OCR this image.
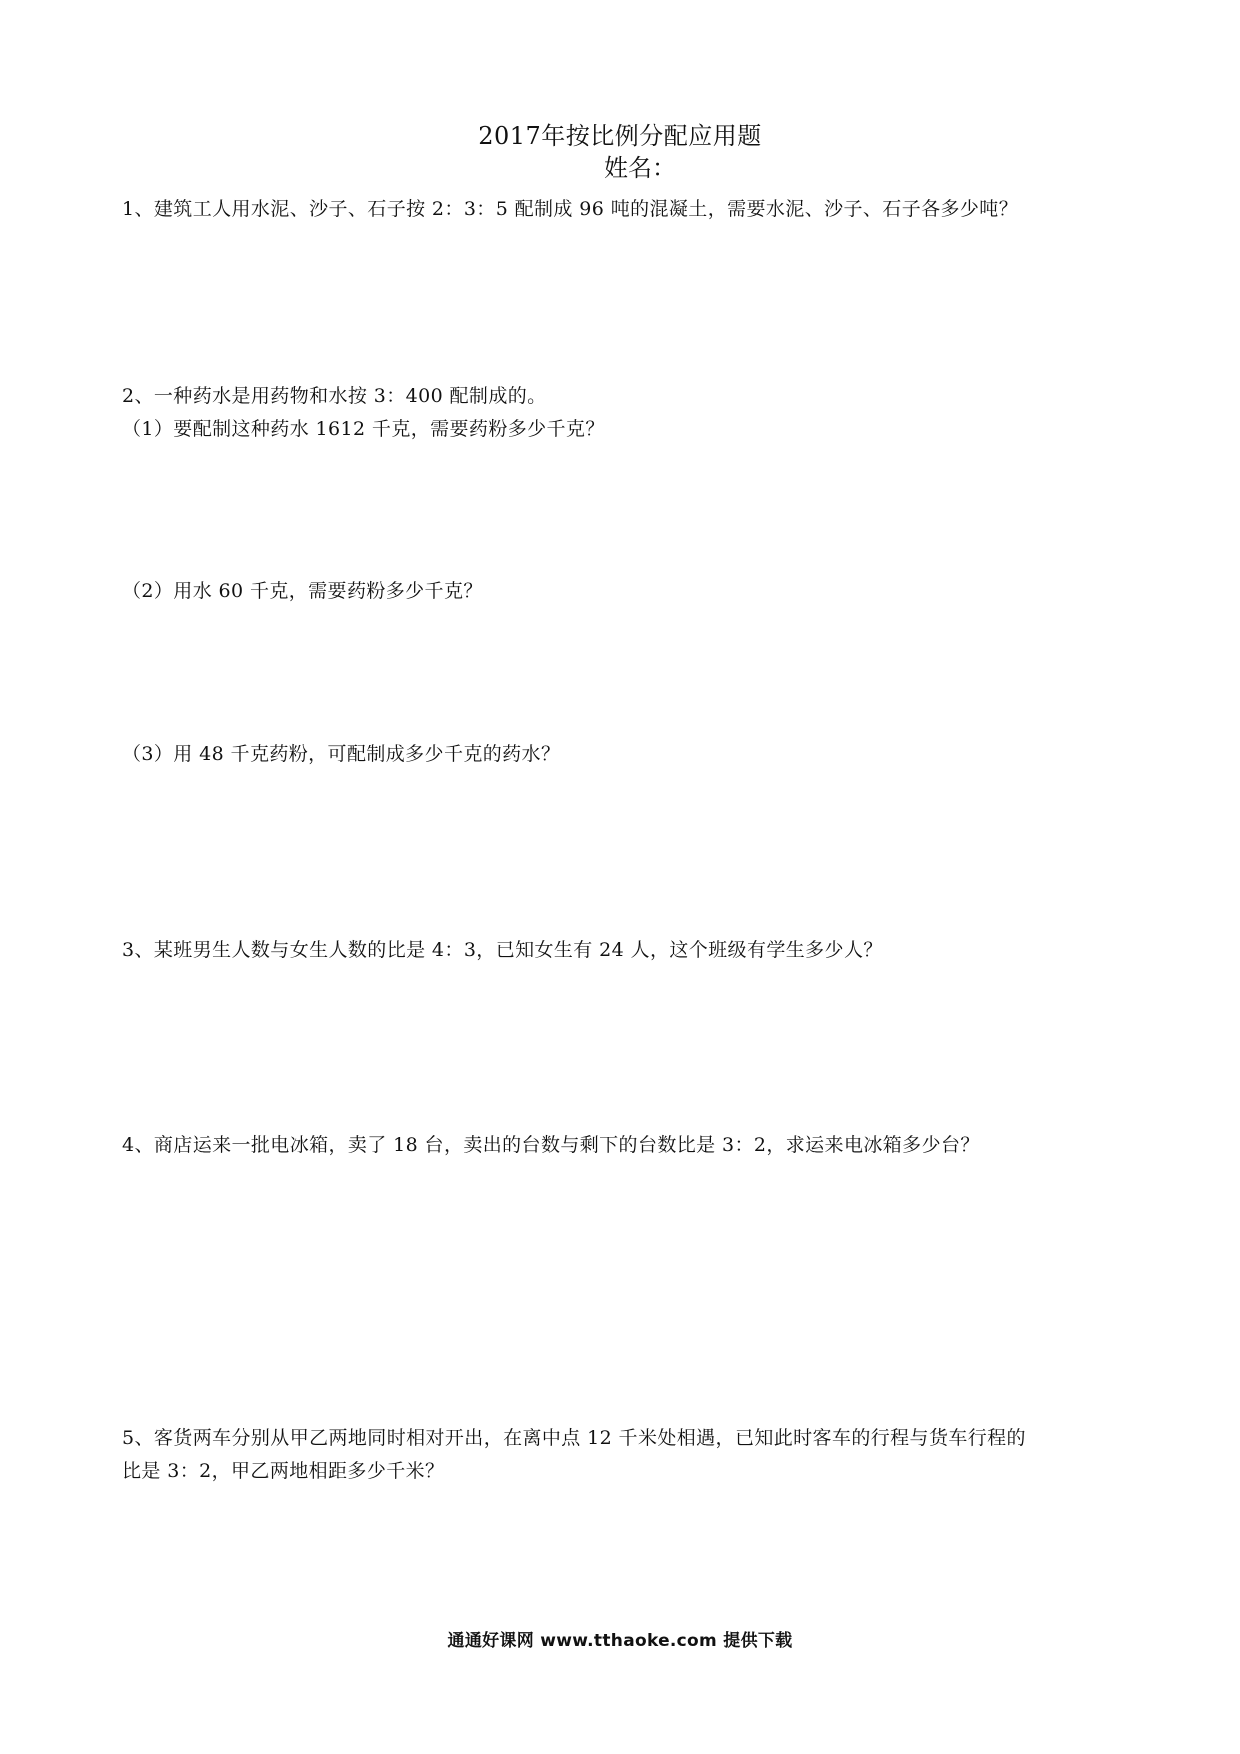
2017年按比例分配应用题
姓名：
1、建筑工人用水泥、沙子、石子按 2：3：5 配制成 96 吨的混凝土，需要水泥、沙子、石子各多少吨？
2、一种药水是用药物和水按 3：400 配制成的。
（1）要配制这种药水 1612 千克，需要药粉多少千克？
（2）用水 60 千克，需要药粉多少千克？
（3）用 48 千克药粉，可配制成多少千克的药水？
3、某班男生人数与女生人数的比是 4：3，已知女生有 24 人，这个班级有学生多少人？
4、商店运来一批电冰箱，卖了 18 台，卖出的台数与剩下的台数比是 3：2，求运来电冰箱多少台？
5、客货两车分别从甲乙两地同时相对开出，在离中点 12 千米处相遇，已知此时客车的行程与货车行程的
比是 3：2，甲乙两地相距多少千米？
通通好课网 www.tthaoke.com 提供下载
